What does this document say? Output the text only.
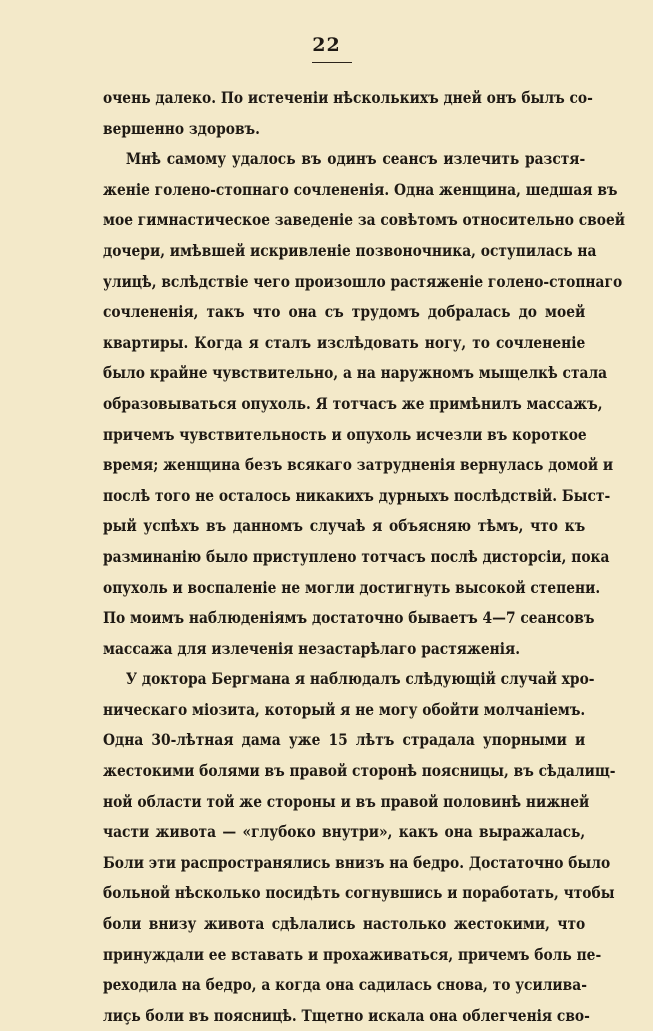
22
очень далеко. По истеченіи нѣсколькихъ дней онъ былъ со-
вершенно здоровъ.
Мнѣ самому удалось въ одинъ сеансъ излечить разстя-
женіе голено-стопнаго сочлененія. Одна женщина, шедшая въ
мое гимнастическое заведеніе за совѣтомъ относительно своей
дочери, имѣвшей искривленіе позвоночника, оступилась на
улицѣ, вслѣдствіе чего произошло растяженіе голено-стопнаго
сочлененія, такъ что она съ трудомъ добралась до моей
квартиры. Когда я сталъ изслѣдовать ногу, то сочлененіе
было крайне чувствительно, а на наружномъ мыщелкѣ стала
образовываться опухоль. Я тотчасъ же примѣнилъ массажъ,
причемъ чувствительность и опухоль исчезли въ короткое
время; женщина безъ всякаго затрудненія вернулась домой и
послѣ того не осталось никакихъ дурныхъ послѣдствій. Быст-
рый успѣхъ въ данномъ случаѣ я объясняю тѣмъ, что къ
разминанію было приступлено тотчасъ послѣ дисторсіи, пока
опухоль и воспаленіе не могли достигнуть высокой степени.
По моимъ наблюденіямъ достаточно бываетъ 4—7 сеансовъ
массажа для излеченія незастарѣлаго растяженія.
У доктора Бергмана я наблюдалъ слѣдующій случай хро-
ническаго міозита, который я не могу обойти молчаніемъ.
Одна 30-лѣтная дама уже 15 лѣтъ страдала упорными и
жестокими болями въ правой сторонѣ поясницы, въ сѣдалищ-
ной области той же стороны и въ правой половинѣ нижней
части живота — «глубоко внутри», какъ она выражалась,
Боли эти распространялись внизъ на бедро. Достаточно было
больной нѣсколько посидѣть согнувшись и поработать, чтобы
боли внизу живота сдѣлались настолько жестокими, что
принуждали ее вставать и прохаживаться, причемъ боль пе-
реходила на бедро, а когда она садилась снова, то усилива-
лиҫь боли въ поясницѣ. Тщетно искала она облегченія сво-
